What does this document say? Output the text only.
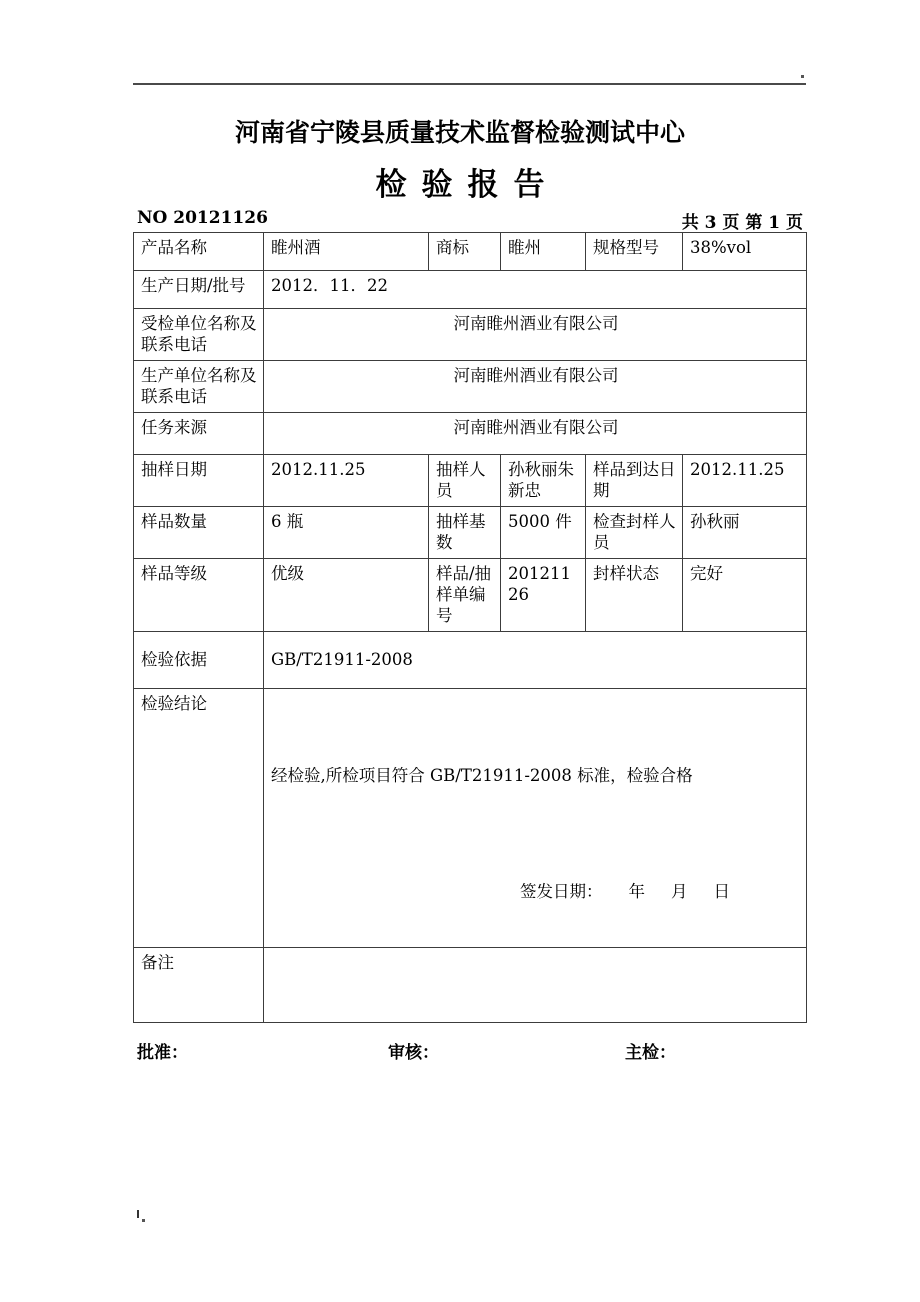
河南省宁陵县质量技术监督检验测试中心
检验报告
NO 20121126	共 3 页 第 1 页
产品名称	睢州酒	商标	睢州	规格型号	38%vol
生产日期/批号	2012．11．22				
受检单位名称及联系电话	河南睢州酒业有限公司				
生产单位名称及联系电话	河南睢州酒业有限公司				
任务来源	河南睢州酒业有限公司				
抽样日期	2012.11.25	抽样人员	孙秋丽朱新忠	样品到达日期	2012.11.25
样品数量	6 瓶	抽样基数	5000 件	检查封样人员	孙秋丽
样品等级	优级	样品/抽样单编号	20121126	封样状态	完好
检验依据	GB/T21911-2008				
检验结论	经检验,所检项目符合 GB/T21911-2008 标准，检验合格
签发日期： 年 月 日				

备注					
批准：	审核：	主检：
